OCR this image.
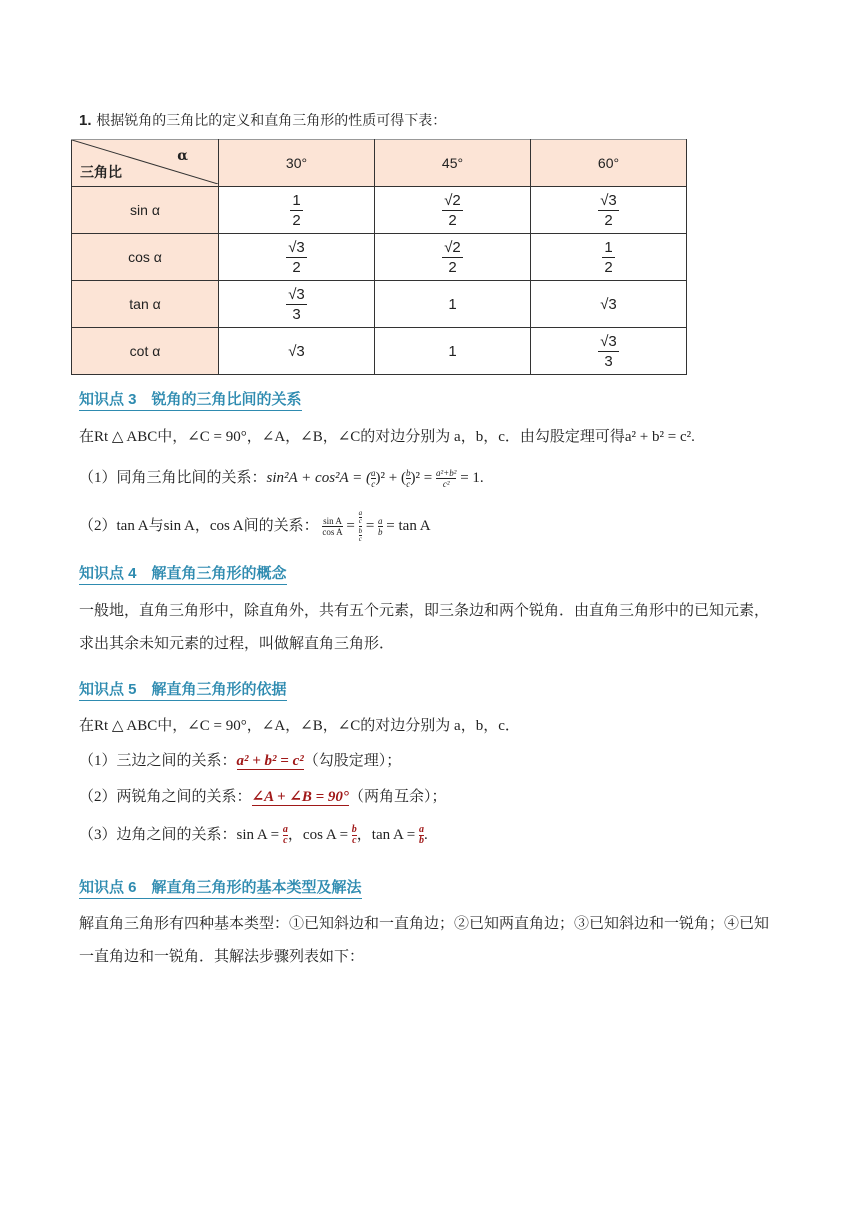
1. 根据锐角的三角比的定义和直角三角形的性质可得下表：
α
三角比	30°	45°	60°
sin α	$\frac{1}{2}$	$\frac{√2}{2}$	$\frac{√3}{2}$

cos α	$\frac{√3}{2}$	$\frac{√2}{2}$	$\frac{1}{2}$

tan α	$\frac{√3}{3}$	1	√3
cot α	√3	1	$\frac{√3}{3}$
知识点 3　锐角的三角比间的关系
在Rt △ ABC中，∠C = 90°，∠A，∠B，∠C的对边分别为 a，b，c．由勾股定理可得a² + b² = c².
（1）同角三角比间的关系：sin²A + cos²A = ( $\frac{a}{c} )^2$ + ( $\frac{b}{c} )^2 = \frac{\text{a²+b²}}{\text{c²}} = 1$.
（2）tan A与sin A，cos A间的关系： $\frac{\text{sin A}}{\text{cos A}} = \frac{\frac{a}{c}}{\frac{b}{c}} = \frac{a}{b} = \tan A$
知识点 4　解直角三角形的概念
一般地，直角三角形中，除直角外，共有五个元素，即三条边和两个锐角．由直角三角形中的已知元素，
求出其余未知元素的过程，叫做解直角三角形．
知识点 5　解直角三角形的依据
在Rt △ ABC中，∠C = 90°，∠A，∠B，∠C的对边分别为 a，b，c．
（1）三边之间的关系：a² + b² = c²（勾股定理）；
（2）两锐角之间的关系：∠A + ∠B = 90°（两角互余）；
（3）边角之间的关系：$\sin A = \frac{a}{c}$ ，$\cos A = \frac{b}{c}$ ，$\tan A = \frac{a}{b}$ .
知识点 6　解直角三角形的基本类型及解法
解直角三角形有四种基本类型：①已知斜边和一直角边；②已知两直角边；③已知斜边和一锐角；④已知
一直角边和一锐角．其解法步骤列表如下：
